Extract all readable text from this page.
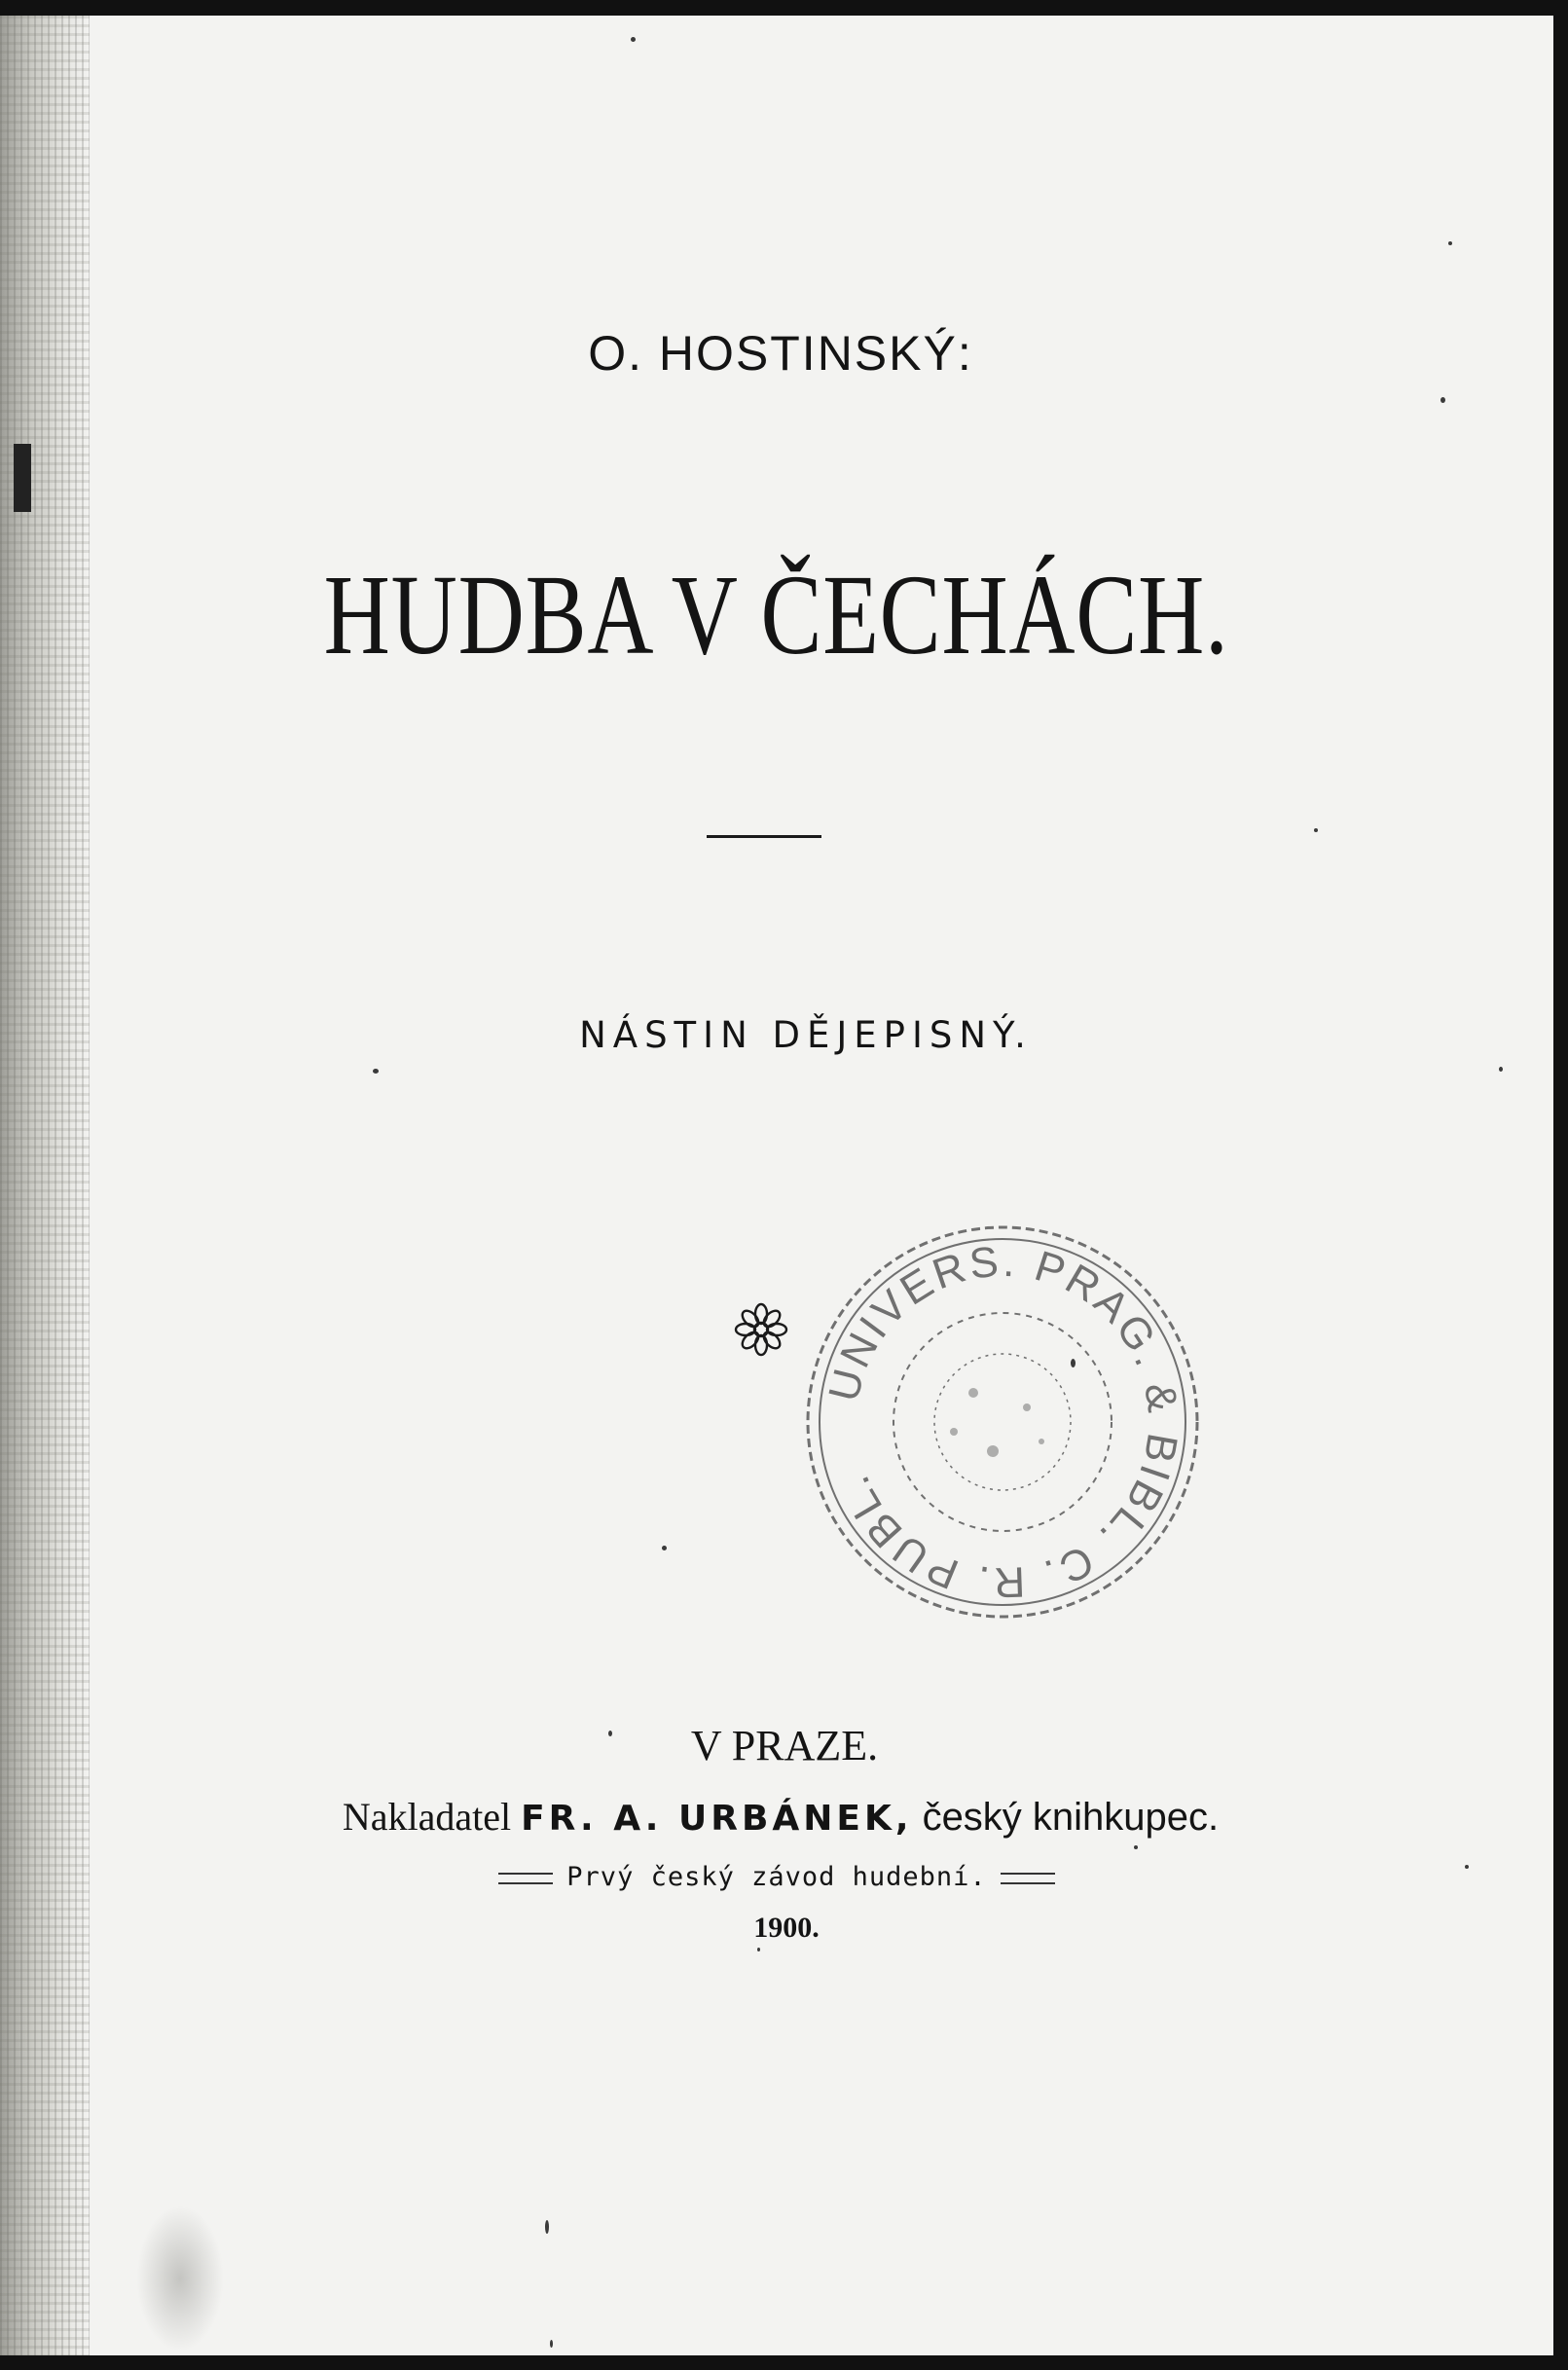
O. HOSTINSKÝ:
HUDBA V ČECHÁCH.
NÁSTIN DĚJEPISNÝ.
UNIVERS. PRAG. & BIBL. C. R. PUBL.
V PRAZE.
Nakladatel FR. A. URBÁNEK, český knihkupec.
Prvý český závod hudební.
1900.
